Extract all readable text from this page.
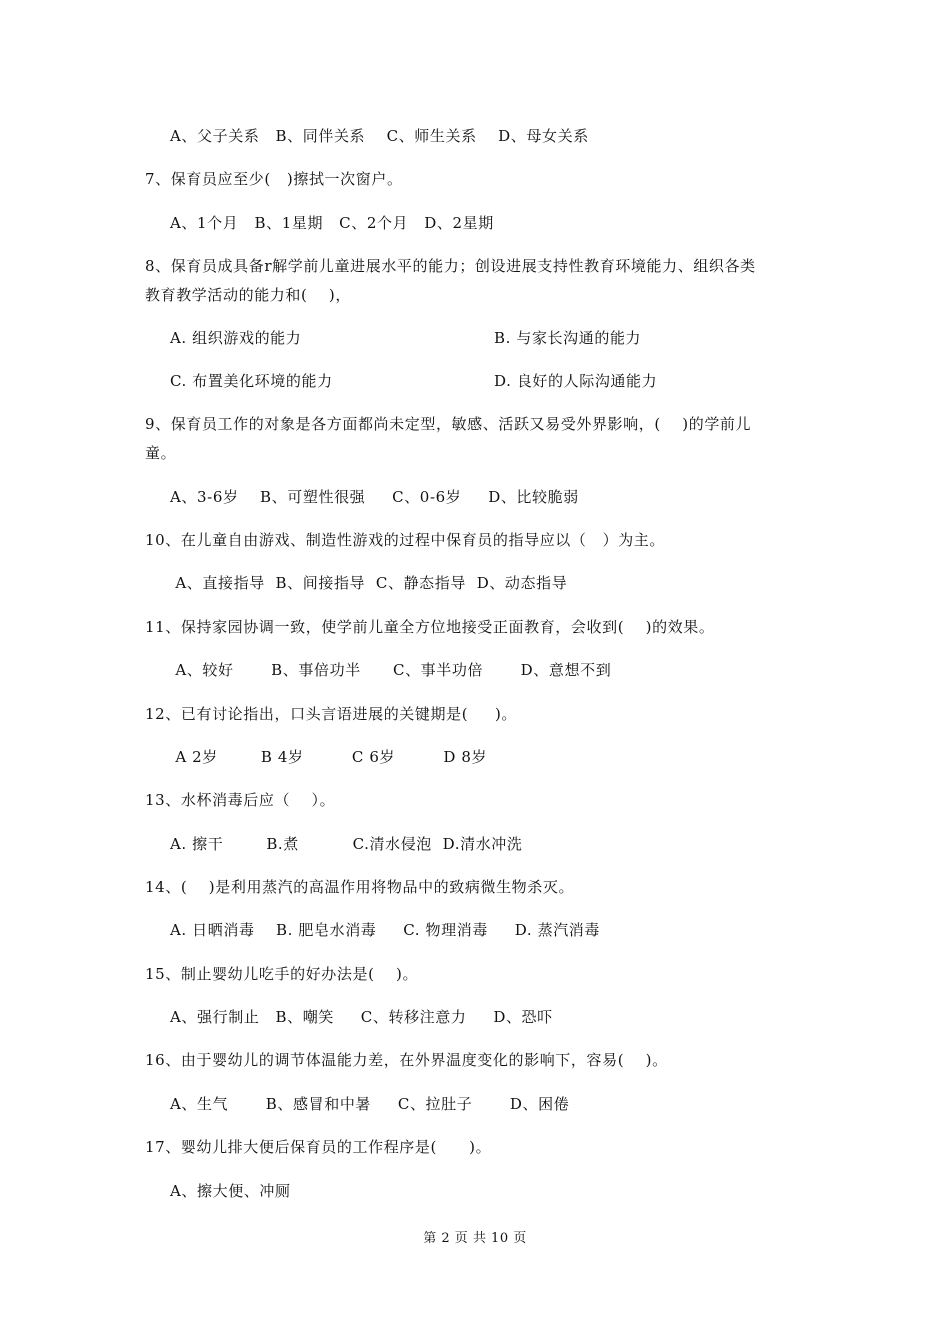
A、父子关系   B、同伴关系    C、师生关系    D、母女关系
7、保育员应至少(   )擦拭一次窗户。
A、1个月   B、1星期   C、2个月   D、2星期
8、保育员成具备r解学前儿童进展水平的能力；创设进展支持性教育环境能力、组织各类
教育教学活动的能力和(    )，
A. 组织游戏的能力	B. 与家长沟通的能力
C. 布置美化环境的能力	D. 良好的人际沟通能力
9、保育员工作的对象是各方面都尚未定型，敏感、活跃又易受外界影响，(    )的学前儿
童。
A、3-6岁    B、可塑性很强     C、0-6岁     D、比较脆弱
10、在儿童自由游戏、制造性游戏的过程中保育员的指导应以（   ）为主。
A、直接指导  B、间接指导  C、静态指导  D、动态指导
11、保持家园协调一致，使学前儿童全方位地接受正面教育，会收到(    )的效果。
A、较好       B、事倍功半      C、事半功倍       D、意想不到
12、已有讨论指出，口头言语进展的关键期是(     )。
A 2岁        B 4岁         C 6岁         D 8岁
13、水杯消毒后应（    ）。
A. 擦干        B.煮          C.清水侵泡  D.清水冲洗
14、(    )是利用蒸汽的高温作用将物品中的致病微生物杀灭。
A. 日晒消毒    B. 肥皂水消毒     C. 物理消毒     D. 蒸汽消毒
15、制止婴幼儿吃手的好办法是(    )。
A、强行制止   B、嘲笑     C、转移注意力     D、恐吓
16、由于婴幼儿的调节体温能力差，在外界温度变化的影响下，容易(    )。
A、生气       B、感冒和中暑     C、拉肚子       D、困倦
17、婴幼儿排大便后保育员的工作程序是(      )。
A、擦大便、冲厕
第 2 页 共 10 页
